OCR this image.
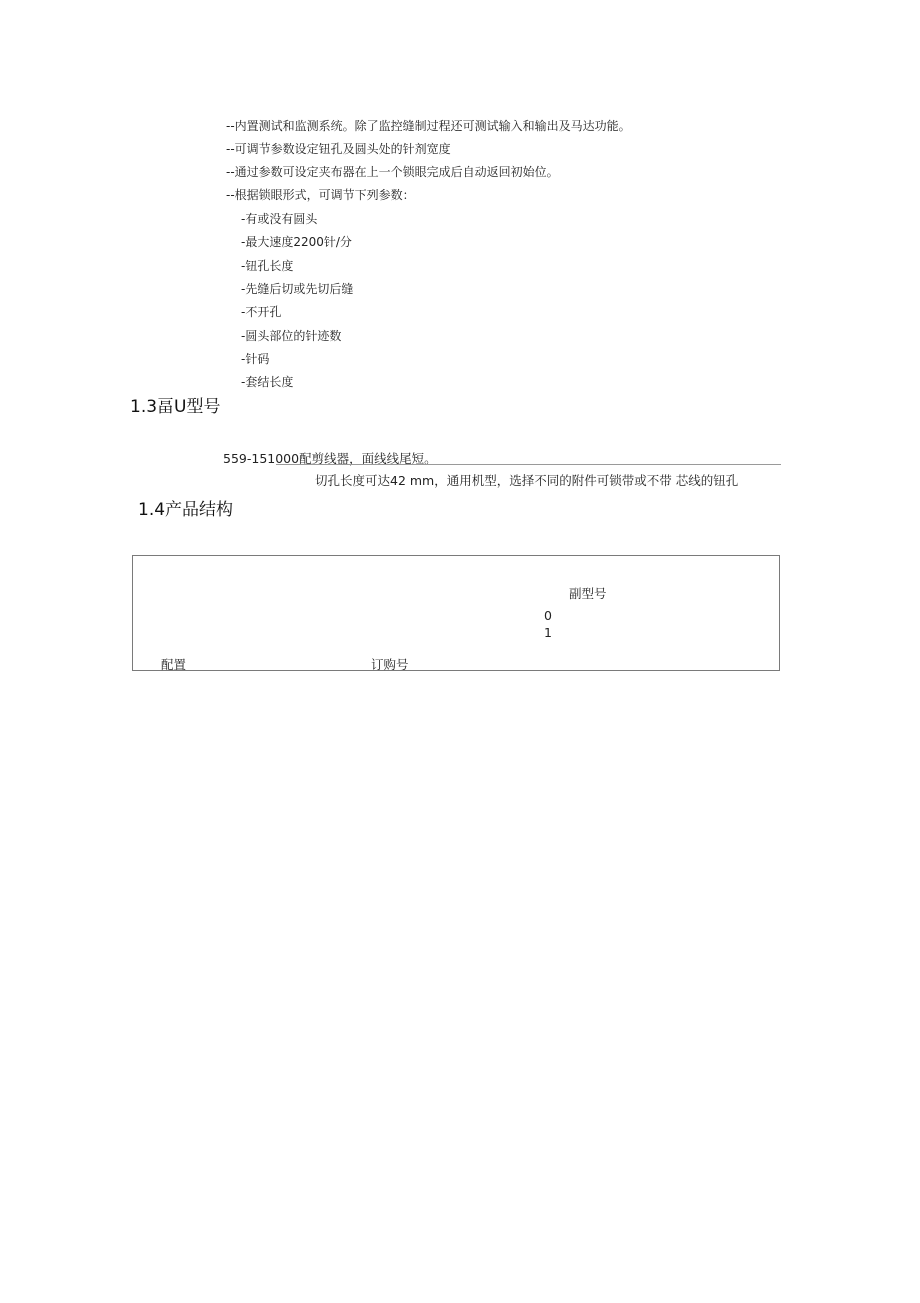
--内置测试和监测系统。除了监控缝制过程还可测试输入和输出及马达功能。
--可调节参数设定钮孔及圆头处的针剂宽度
--通过参数可设定夹布器在上一个锁眼完成后自动返回初始位。
--根据锁眼形式，可调节下列参数：
-有或没有圆头
-最大速度2200针/分
-钮孔长度
-先缝后切或先切后缝
-不开孔
-圆头部位的针迹数
-针码
-套结长度
1.3畐U型号
559-151000配剪线器，面线线尾短。
切孔长度可达42 mm，通用机型，选择不同的附件可锁带或不带 芯线的钮孔
1.4产品结构
副型号
0
1
配置	订购号
